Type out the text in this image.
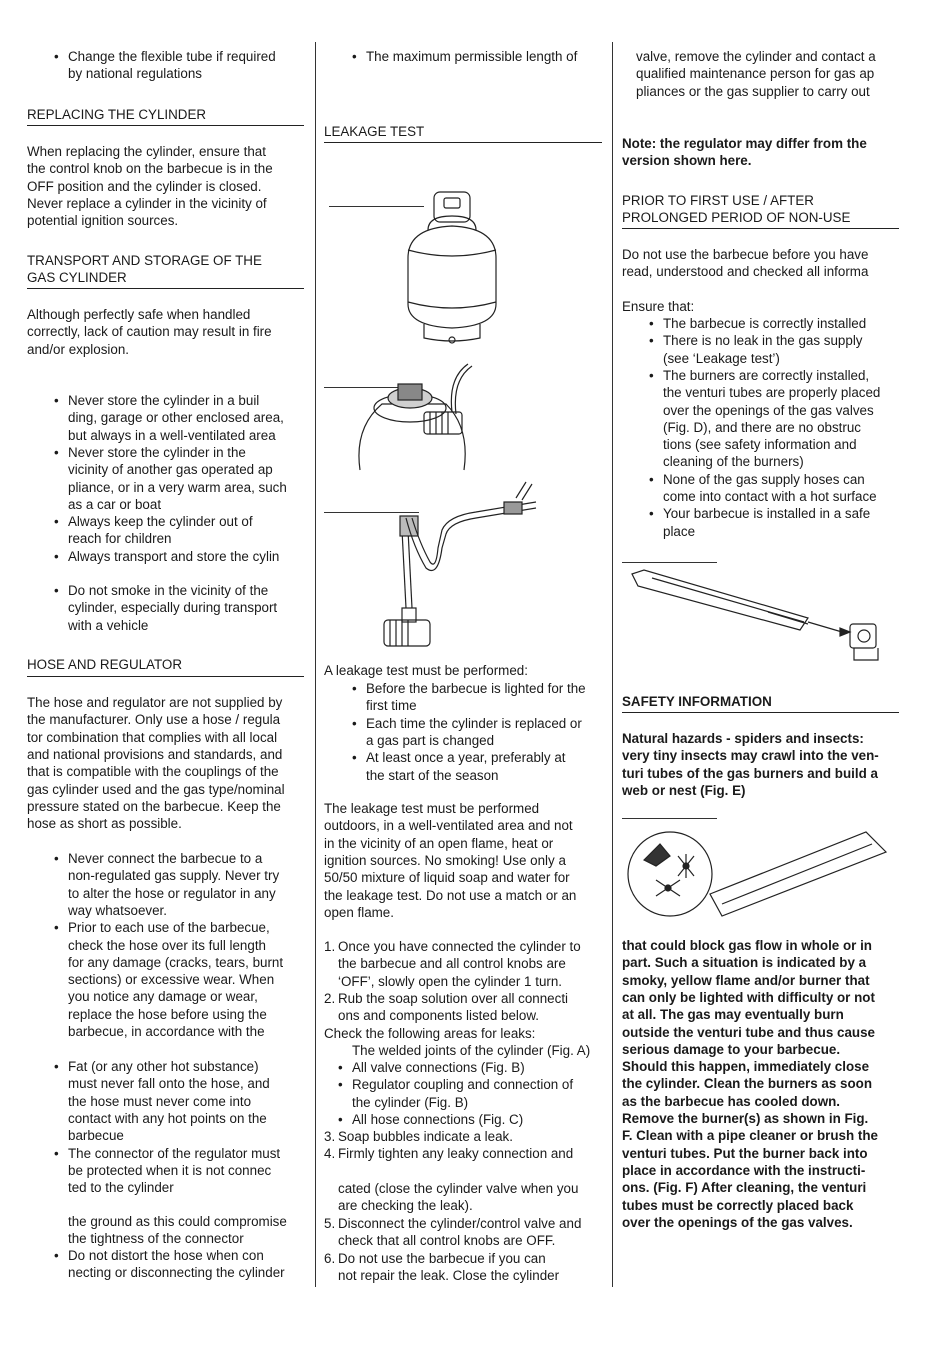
• Change the flexible tube if required
by national regulations
REPLACING THE CYLINDER
When replacing the cylinder, ensure that
the control knob on the barbecue is in the
OFF position and the cylinder is closed.
Never replace a cylinder in the vicinity of
potential ignition sources.
TRANSPORT AND STORAGE OF THE
GAS CYLINDER
Although perfectly safe when handled
correctly, lack of caution may result in fire
and/or explosion.
• Never store the cylinder in a buil
ding, garage or other enclosed area,
but always in a well-ventilated area
• Never store the cylinder in the
vicinity of another gas operated ap
pliance, or in a very warm area, such
as a car or boat
• Always keep the cylinder out of
reach for children
• Always transport and store the cylin
• Do not smoke in the vicinity of the
cylinder, especially during transport
with a vehicle
HOSE AND REGULATOR
The hose and regulator are not supplied by
the manufacturer. Only use a hose / regula
tor combination that complies with all local
and national provisions and standards, and
that is compatible with the couplings of the
gas cylinder used and the gas type/nominal
pressure stated on the barbecue. Keep the
hose as short as possible.
• Never connect the barbecue to a
non-regulated gas supply. Never try
to alter the hose or regulator in any
way whatsoever.
• Prior to each use of the barbecue,
check the hose over its full length
for any damage (cracks, tears, burnt
sections) or excessive wear. When
you notice any damage or wear,
replace the hose before using the
barbecue, in accordance with the
• Fat (or any other hot substance)
must never fall onto the hose, and
the hose must never come into
contact with any hot points on the
barbecue
• The connector of the regulator must
be protected when it is not connec
ted to the cylinder
the ground as this could compromise
the tightness of the connector
• Do not distort the hose when con
necting or disconnecting the cylinder
• The maximum permissible length of
LEAKAGE TEST
A leakage test must be performed:
• Before the barbecue is lighted for the
first time
• Each time the cylinder is replaced or
a gas part is changed
• At least once a year, preferably at
the start of the season
The leakage test must be performed
outdoors, in a well-ventilated area and not
in the vicinity of an open flame, heat or
ignition sources. No smoking! Use only a
50/50 mixture of liquid soap and water for
the leakage test. Do not use a match or an
open flame.
1. Once you have connected the cylinder to
the barbecue and all control knobs are
‘OFF’, slowly open the cylinder 1 turn.
2. Rub the soap solution over all connecti
ons and components listed below.
Check the following areas for leaks:
The welded joints of the cylinder (Fig. A)
• All valve connections (Fig. B)
• Regulator coupling and connection of
the cylinder (Fig. B)
• All hose connections (Fig. C)
3. Soap bubbles indicate a leak.
4. Firmly tighten any leaky connection and
cated (close the cylinder valve when you
are checking the leak).
5. Disconnect the cylinder/control valve and
check that all control knobs are OFF.
6. Do not use the barbecue if you can
not repair the leak. Close the cylinder
valve, remove the cylinder and contact a
qualified maintenance person for gas ap
pliances or the gas supplier to carry out
Note: the regulator may differ from the
version shown here.
PRIOR TO FIRST USE / AFTER
PROLONGED PERIOD OF NON-USE
Do not use the barbecue before you have
read, understood and checked all informa
Ensure that:
• The barbecue is correctly installed
• There is no leak in the gas supply
(see ‘Leakage test’)
• The burners are correctly installed,
the venturi tubes are properly placed
over the openings of the gas valves
(Fig. D), and there are no obstruc
tions (see safety information and
cleaning of the burners)
• None of the gas supply hoses can
come into contact with a hot surface
• Your barbecue is installed in a safe
place
SAFETY INFORMATION
Natural hazards - spiders and insects:
very tiny insects may crawl into the ven-
turi tubes of the gas burners and build a
web or nest (Fig. E)
that could block gas flow in whole or in
part. Such a situation is indicated by a
smoky, yellow flame and/or burner that
can only be lighted with difficulty or not
at all. The gas may eventually burn
outside the venturi tube and thus cause
serious damage to your barbecue.
Should this happen, immediately close
the cylinder. Clean the burners as soon
as the barbecue has cooled down.
Remove the burner(s) as shown in Fig.
F. Clean with a pipe cleaner or brush the
venturi tubes. Put the burner back into
place in accordance with the instructi-
ons. (Fig. F) After cleaning, the venturi
tubes must be correctly placed back
over the openings of the gas valves.
